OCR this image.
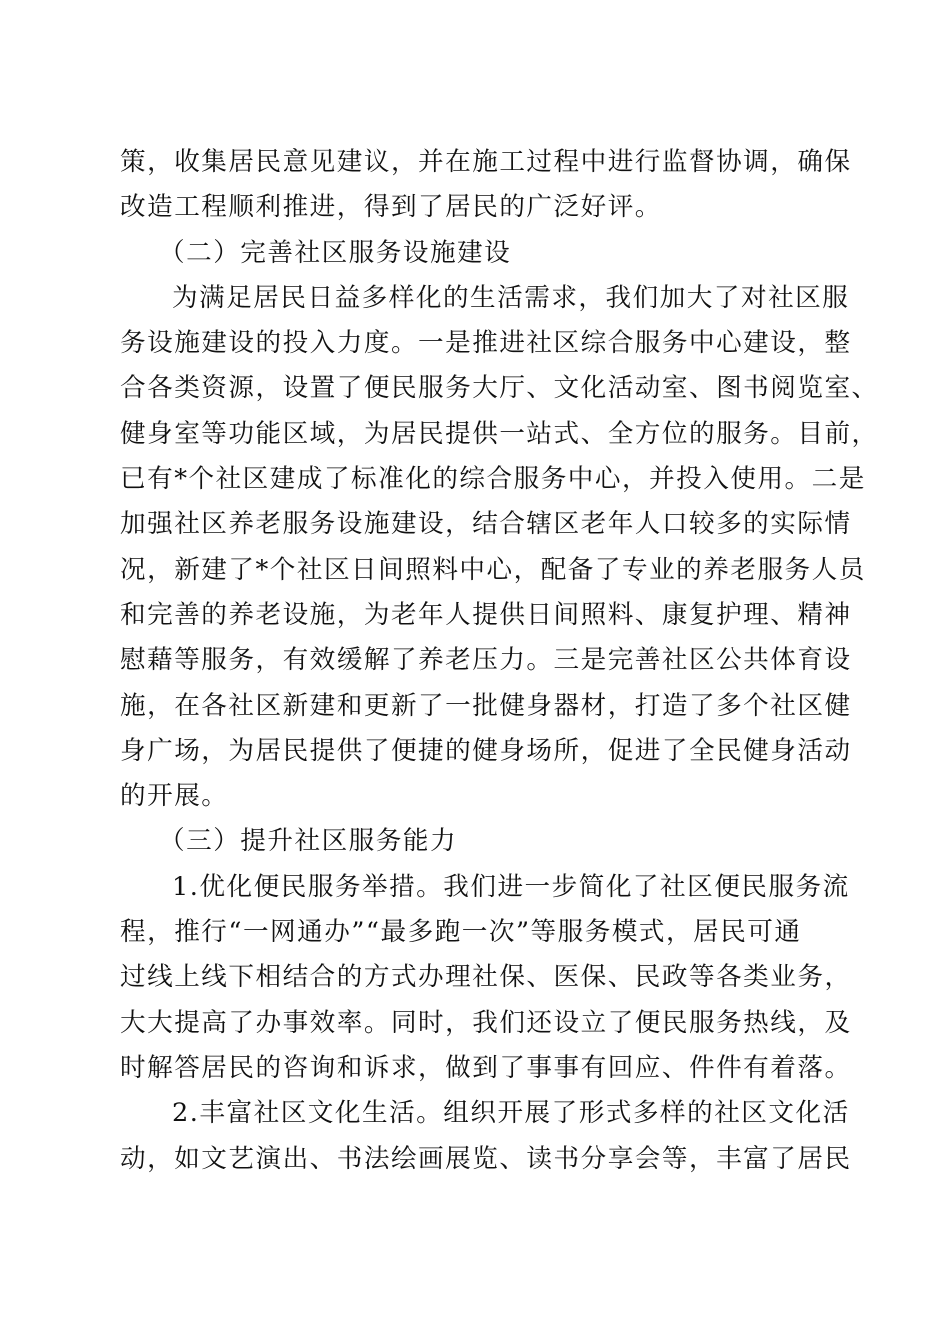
策，收集居民意见建议，并在施工过程中进行监督协调，确保
改造工程顺利推进，得到了居民的广泛好评。
（二）完善社区服务设施建设
为满足居民日益多样化的生活需求，我们加大了对社区服
务设施建设的投入力度。一是推进社区综合服务中心建设，整
合各类资源，设置了便民服务大厅、文化活动室、图书阅览室、
健身室等功能区域，为居民提供一站式、全方位的服务。目前，
已有*个社区建成了标准化的综合服务中心，并投入使用。二是
加强社区养老服务设施建设，结合辖区老年人口较多的实际情
况，新建了*个社区日间照料中心，配备了专业的养老服务人员
和完善的养老设施，为老年人提供日间照料、康复护理、精神
慰藉等服务，有效缓解了养老压力。三是完善社区公共体育设
施，在各社区新建和更新了一批健身器材，打造了多个社区健
身广场，为居民提供了便捷的健身场所，促进了全民健身活动
的开展。
（三）提升社区服务能力
1.优化便民服务举措。我们进一步简化了社区便民服务流
程，推行“一网通办”“最多跑一次”等服务模式，居民可通
过线上线下相结合的方式办理社保、医保、民政等各类业务，
大大提高了办事效率。同时，我们还设立了便民服务热线，及
时解答居民的咨询和诉求，做到了事事有回应、件件有着落。
2.丰富社区文化生活。组织开展了形式多样的社区文化活
动，如文艺演出、书法绘画展览、读书分享会等，丰富了居民
